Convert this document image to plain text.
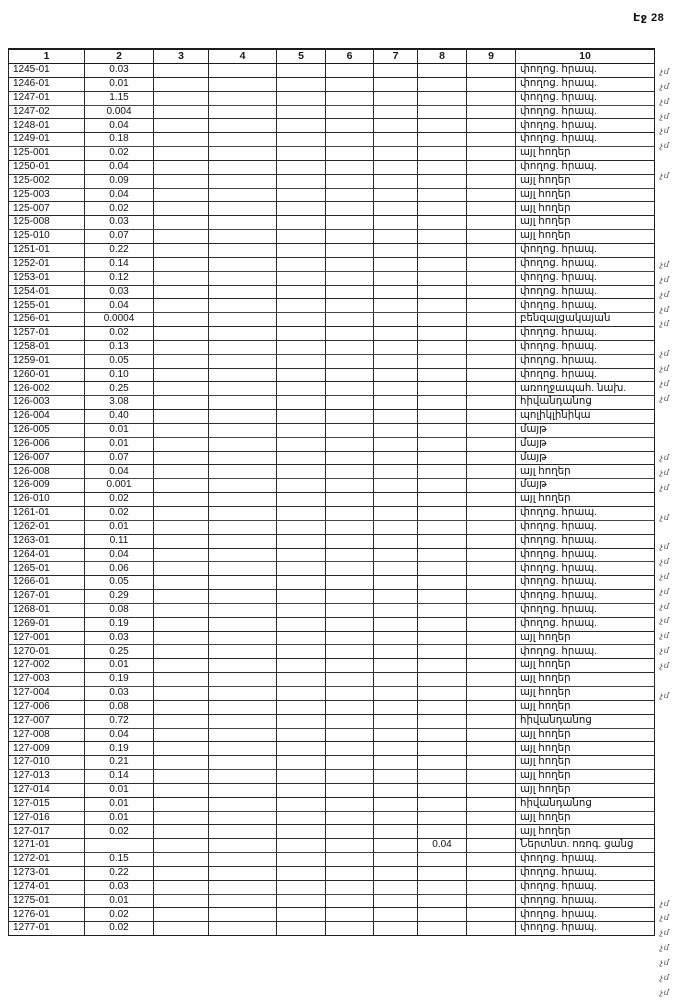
Էջ 28
1	2	3	4	5	6	7	8	9	10
1245-01	0.03								փողոց. հրապ.
1246-01	0.01								փողոց. հրապ.
1247-01	1.15								փողոց. հրապ.
1247-02	0.004								փողոց. հրապ.
1248-01	0.04								փողոց. հրապ.
1249-01	0.18								փողոց. հրապ.
125-001	0.02								այլ հողեր
1250-01	0.04								փողոց. հրապ.
125-002	0.09								այլ հողեր
125-003	0.04								այլ հողեր
125-007	0.02								այլ հողեր
125-008	0.03								այլ հողեր
125-010	0.07								այլ հողեր
1251-01	0.22								փողոց. հրապ.
1252-01	0.14								փողոց. հրապ.
1253-01	0.12								փողոց. հրապ.
1254-01	0.03								փողոց. հրապ.
1255-01	0.04								փողոց. հրապ.
1256-01	0.0004								բենզալցակայան
1257-01	0.02								փողոց. հրապ.
1258-01	0.13								փողոց. հրապ.
1259-01	0.05								փողոց. հրապ.
1260-01	0.10								փողոց. հրապ.
126-002	0.25								առողջապահ. նախ.
126-003	3.08								հիվանդանոց
126-004	0.40								պոլիկլինիկա
126-005	0.01								մայթ
126-006	0.01								մայթ
126-007	0.07								մայթ
126-008	0.04								այլ հողեր
126-009	0.001								մայթ
126-010	0.02								այլ հողեր
1261-01	0.02								փողոց. հրապ.
1262-01	0.01								փողոց. հրապ.
1263-01	0.11								փողոց. հրապ.
1264-01	0.04								փողոց. հրապ.
1265-01	0.06								փողոց. հրապ.
1266-01	0.05								փողոց. հրապ.
1267-01	0.29								փողոց. հրապ.
1268-01	0.08								փողոց. հրապ.
1269-01	0.19								փողոց. հրապ.
127-001	0.03								այլ հողեր
1270-01	0.25								փողոց. հրապ.
127-002	0.01								այլ հողեր
127-003	0.19								այլ հողեր
127-004	0.03								այլ հողեր
127-006	0.08								այլ հողեր
127-007	0.72								հիվանդանոց
127-008	0.04								այլ հողեր
127-009	0.19								այլ հողեր
127-010	0.21								այլ հողեր
127-013	0.14								այլ հողեր
127-014	0.01								այլ հողեր
127-015	0.01								հիվանդանոց
127-016	0.01								այլ հողեր
127-017	0.02								այլ հողեր
1271-01							0.04		Ներտնտ. ոռոգ. ցանց
1272-01	0.15								փողոց. հրապ.
1273-01	0.22								փողոց. հրապ.
1274-01	0.03								փողոց. հրապ.
1275-01	0.01								փողոց. հրապ.
1276-01	0.02								փողոց. հրապ.
1277-01	0.02								փողոց. հրապ.
չմ
չմ
չմ
չմ
չմ
չմ
չմ
չմ
չմ
չմ
չմ
չմ
չմ
չմ
չմ
չմ
չմ
չմ
չմ
չմ
չմ
չմ
չմ
չմ
չմ
չմ
չմ
չմ
չմ
չմ
չմ
չմ
չմ
չմ
չմ
չմ
չմ
